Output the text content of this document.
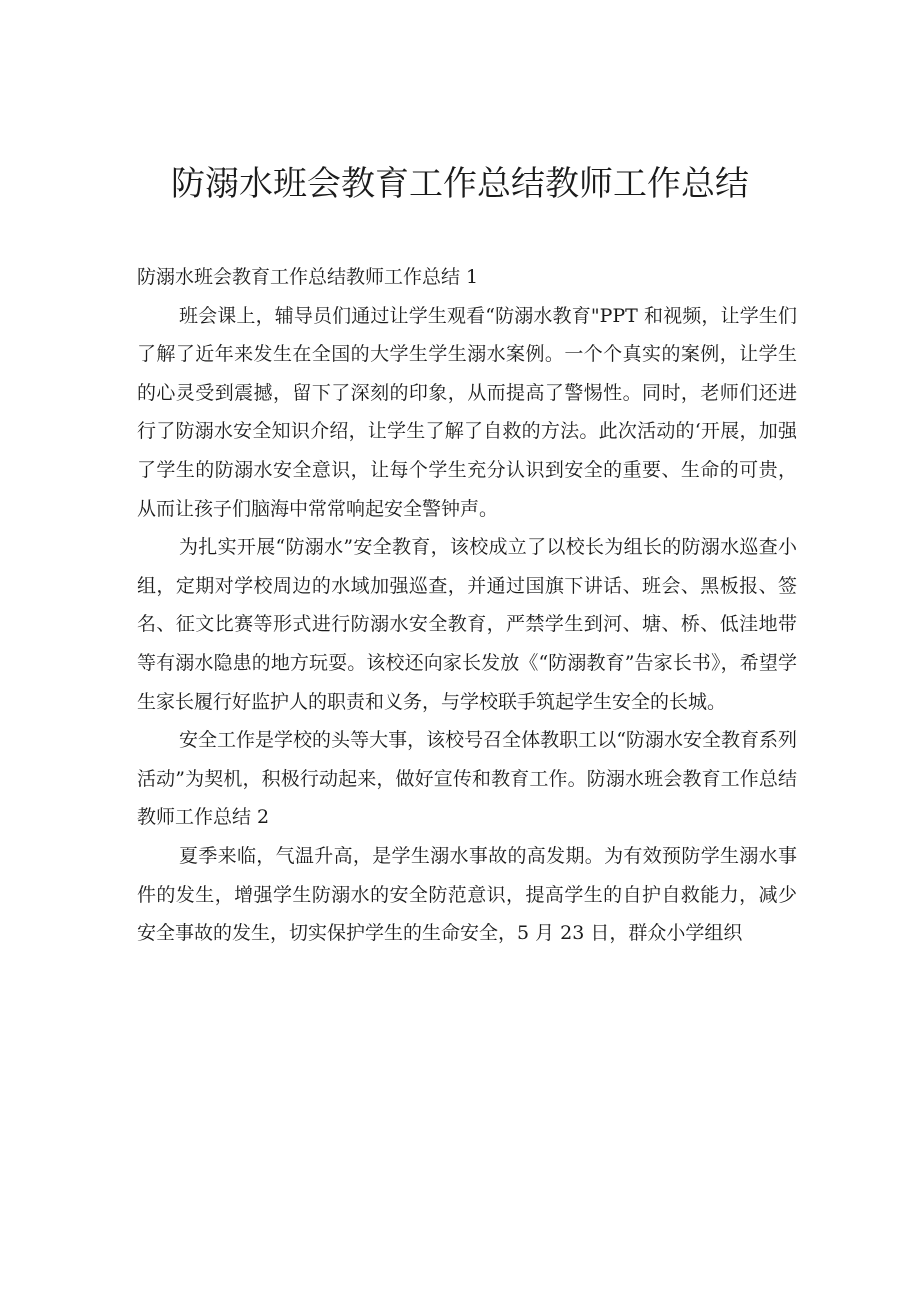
防溺水班会教育工作总结教师工作总结

防溺水班会教育工作总结教师工作总结 1

班会课上，辅导员们通过让学生观看“防溺水教育"PPT 和视频，让学生们了解了近年来发生在全国的大学生学生溺水案例。一个个真实的案例，让学生的心灵受到震撼，留下了深刻的印象，从而提高了警惕性。同时，老师们还进行了防溺水安全知识介绍，让学生了解了自救的方法。此次活动的‘开展，加强了学生的防溺水安全意识，让每个学生充分认识到安全的重要、生命的可贵，从而让孩子们脑海中常常响起安全警钟声。

为扎实开展“防溺水”安全教育，该校成立了以校长为组长的防溺水巡查小组，定期对学校周边的水域加强巡查，并通过国旗下讲话、班会、黑板报、签名、征文比赛等形式进行防溺水安全教育，严禁学生到河、塘、桥、低洼地带等有溺水隐患的地方玩耍。该校还向家长发放《“防溺教育”告家长书》，希望学生家长履行好监护人的职责和义务，与学校联手筑起学生安全的长城。

安全工作是学校的头等大事，该校号召全体教职工以“防溺水安全教育系列活动”为契机，积极行动起来，做好宣传和教育工作。防溺水班会教育工作总结教师工作总结 2

夏季来临，气温升高，是学生溺水事故的高发期。为有效预防学生溺水事件的发生，增强学生防溺水的安全防范意识，提高学生的自护自救能力，减少安全事故的发生，切实保护学生的生命安全，5 月 23 日，群众小学组织
